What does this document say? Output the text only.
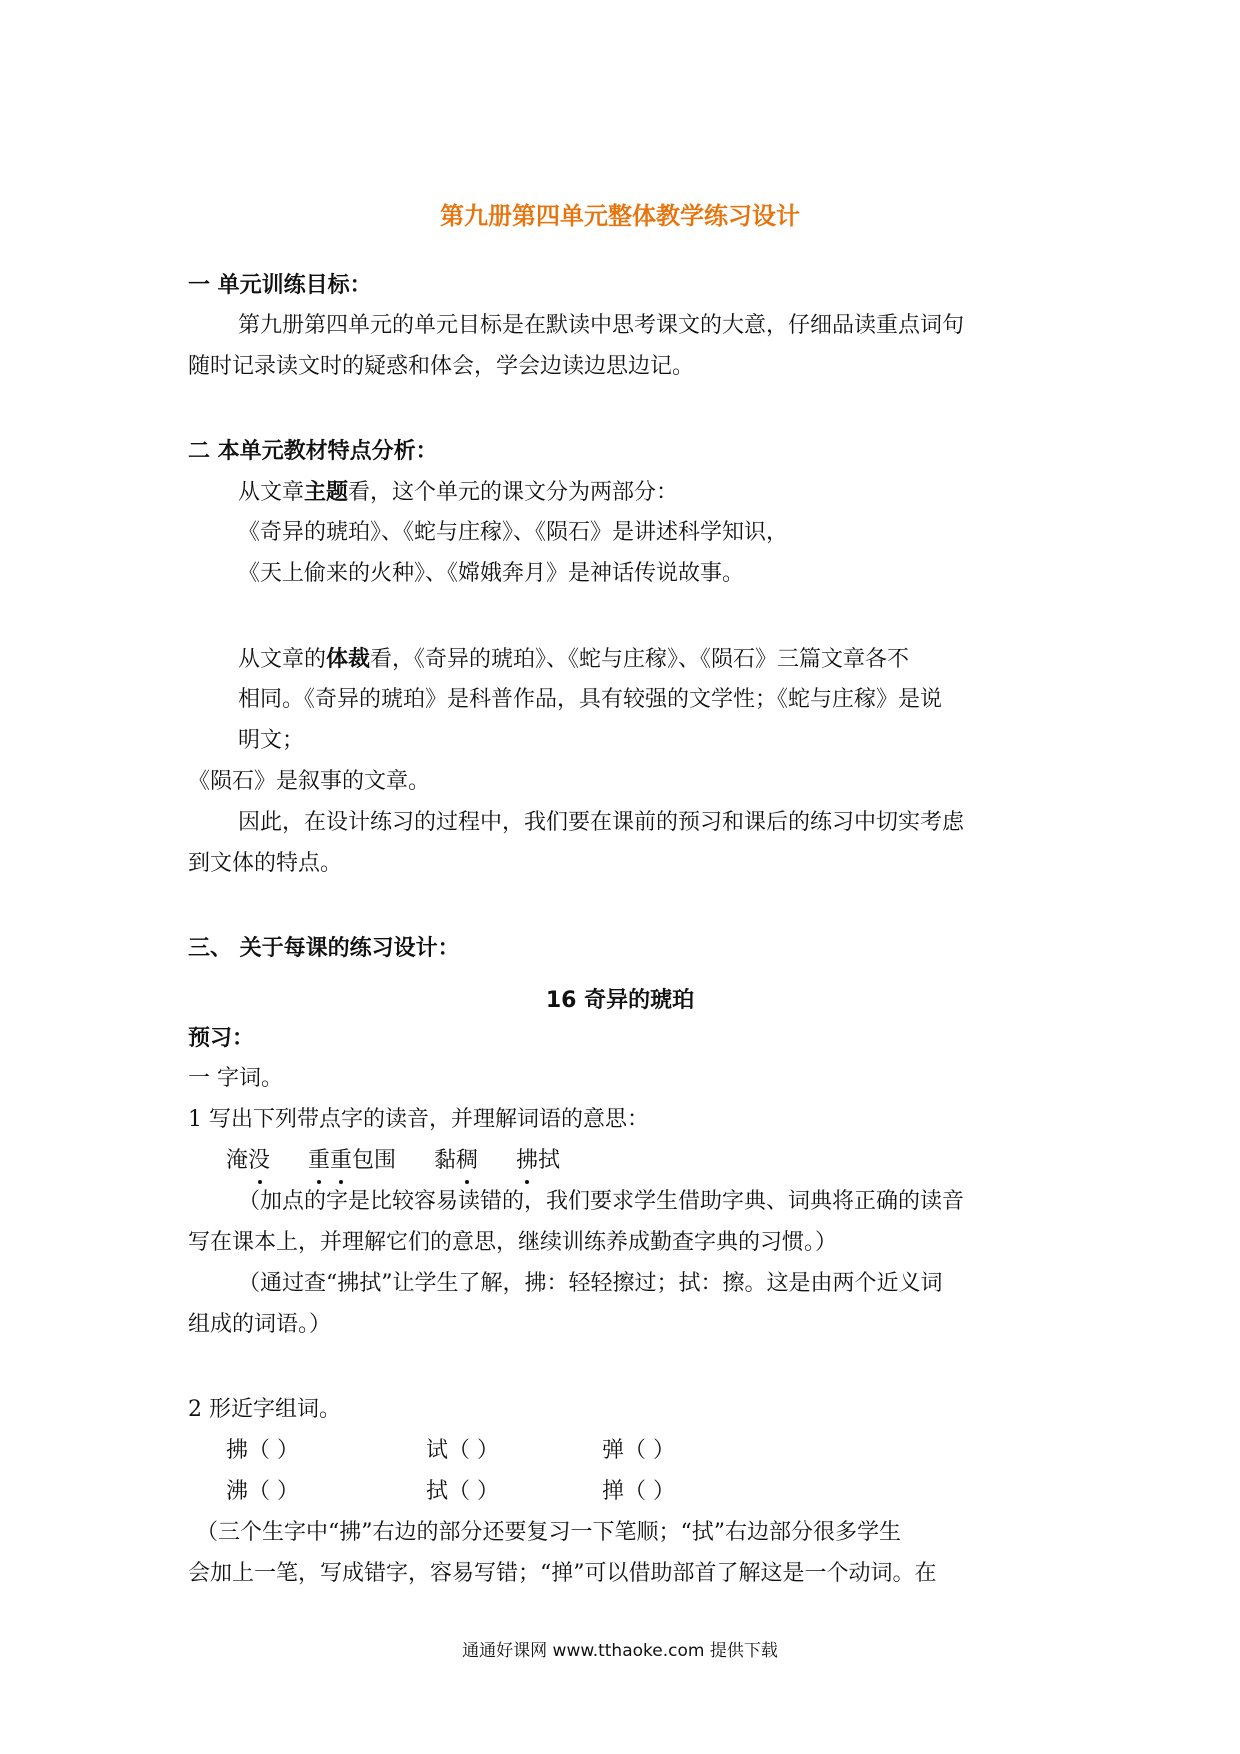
第九册第四单元整体教学练习设计
一 单元训练目标：
第九册第四单元的单元目标是在默读中思考课文的大意，仔细品读重点词句
随时记录读文时的疑惑和体会，学会边读边思边记。
二 本单元教材特点分析：
从文章主题看，这个单元的课文分为两部分：
《奇异的琥珀》、《蛇与庄稼》、《陨石》是讲述科学知识，
《天上偷来的火种》、《嫦娥奔月》是神话传说故事。
从文章的体裁看，《奇异的琥珀》、《蛇与庄稼》、《陨石》三篇文章各不
相同。《奇异的琥珀》是科普作品，具有较强的文学性；《蛇与庄稼》是说
明文；
《陨石》是叙事的文章。
因此，在设计练习的过程中，我们要在课前的预习和课后的练习中切实考虑
到文体的特点。
三、 关于每课的练习设计：
16 奇异的琥珀
预习：
一 字词。
1 写出下列带点字的读音，并理解词语的意思：
淹没 重重包围 黏稠 拂拭
（加点的字是比较容易读错的，我们要求学生借助字典、词典将正确的读音
写在课本上，并理解它们的意思，继续训练养成勤查字典的习惯。）
（通过查“拂拭”让学生了解，拂：轻轻擦过；拭：擦。这是由两个近义词
组成的词语。）
2 形近字组词。
拂（ ）	试（ ）	弹（ ）
沸（ ）	拭（ ）	掸（ ）
（三个生字中“拂”右边的部分还要复习一下笔顺；“拭”右边部分很多学生
会加上一笔，写成错字，容易写错；“掸”可以借助部首了解这是一个动词。在
通通好课网 www.tthaoke.com 提供下载
